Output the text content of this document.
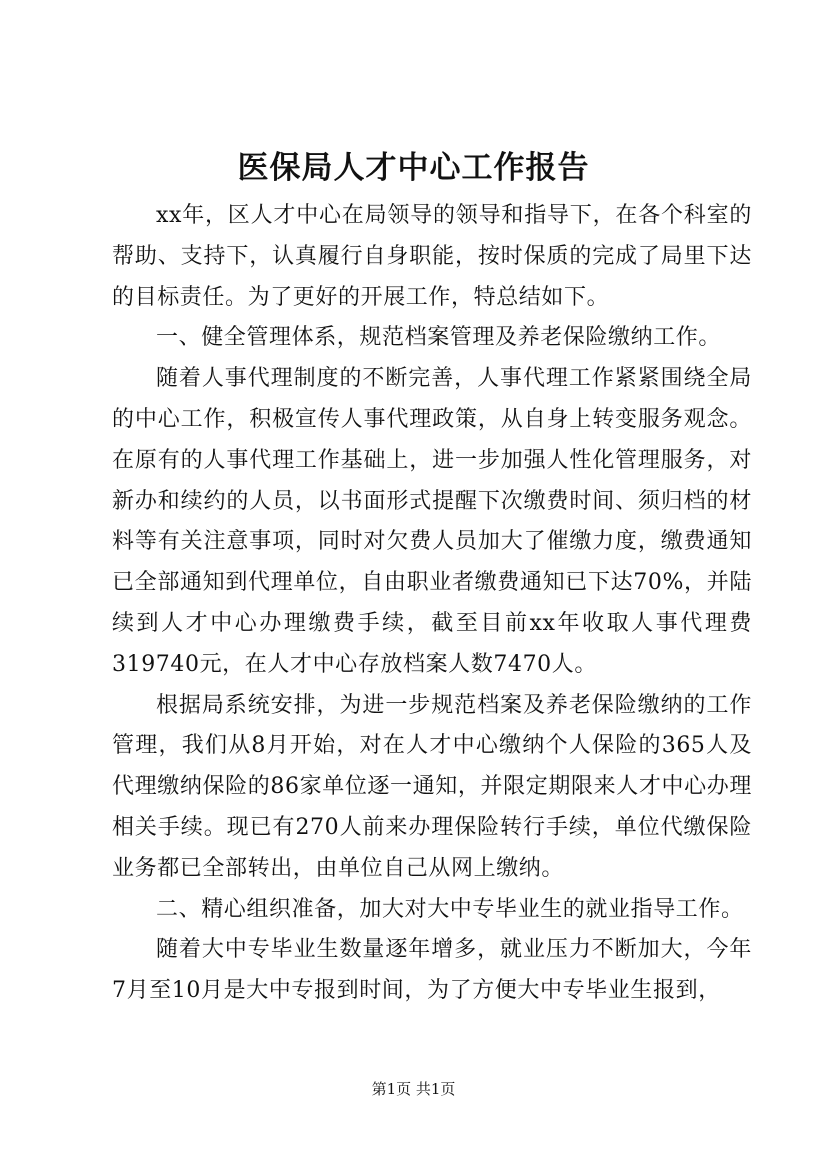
医保局人才中心工作报告

xx年，区人才中心在局领导的领导和指导下，在各个科室的帮助、支持下，认真履行自身职能，按时保质的完成了局里下达的目标责任。为了更好的开展工作，特总结如下。

一、健全管理体系，规范档案管理及养老保险缴纳工作。

随着人事代理制度的不断完善，人事代理工作紧紧围绕全局的中心工作，积极宣传人事代理政策，从自身上转变服务观念。在原有的人事代理工作基础上，进一步加强人性化管理服务，对新办和续约的人员，以书面形式提醒下次缴费时间、须归档的材料等有关注意事项，同时对欠费人员加大了催缴力度，缴费通知已全部通知到代理单位，自由职业者缴费通知已下达70%，并陆续到人才中心办理缴费手续，截至目前xx年收取人事代理费319740元，在人才中心存放档案人数7470人。

根据局系统安排，为进一步规范档案及养老保险缴纳的工作管理，我们从8月开始，对在人才中心缴纳个人保险的365人及代理缴纳保险的86家单位逐一通知，并限定期限来人才中心办理相关手续。现已有270人前来办理保险转行手续，单位代缴保险业务都已全部转出，由单位自己从网上缴纳。

二、精心组织准备，加大对大中专毕业生的就业指导工作。

随着大中专毕业生数量逐年增多，就业压力不断加大，今年7月至10月是大中专报到时间，为了方便大中专毕业生报到，

第1页 共1页
